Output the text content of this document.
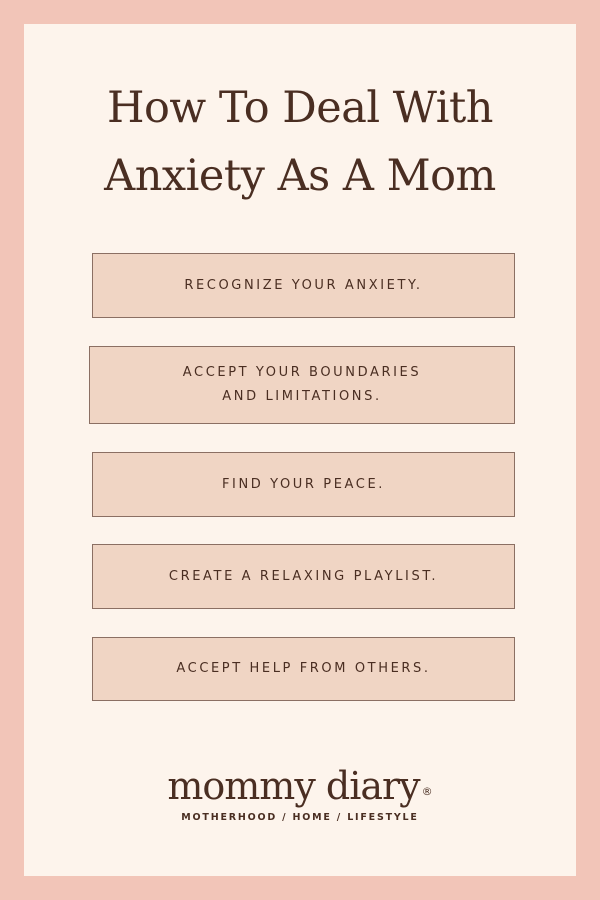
How To Deal With
Anxiety As A Mom
RECOGNIZE YOUR ANXIETY.
ACCEPT YOUR BOUNDARIES
AND LIMITATIONS.
FIND YOUR PEACE.
CREATE A RELAXING PLAYLIST.
ACCEPT HELP FROM OTHERS.
mommy diary ®
MOTHERHOOD / HOME / LIFESTYLE
